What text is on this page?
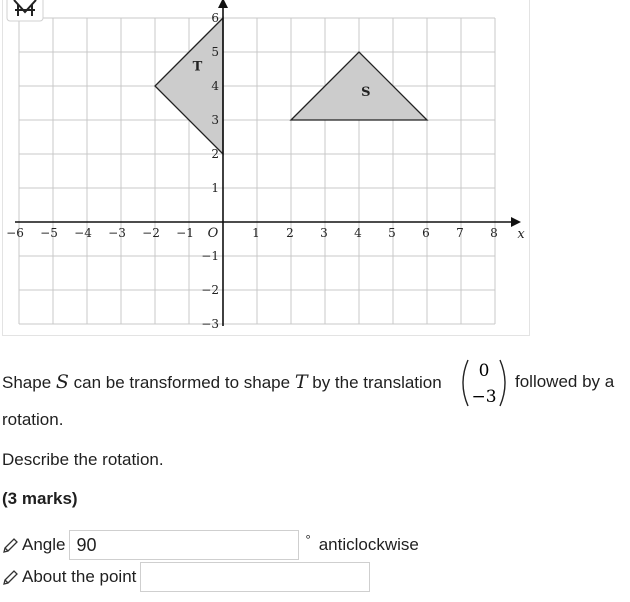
S
T
−6 −5 −4 −3 −2 −1	1 2 3 4 5 6 7 8
6
5
4
3
2
1
−1
−2
−3
O	x
Shape S can be transformed to shape T by the translation
0
−3
followed by a
rotation.
Describe the rotation.
(3 marks)
Angle
90	° anticlockwise
About the point
